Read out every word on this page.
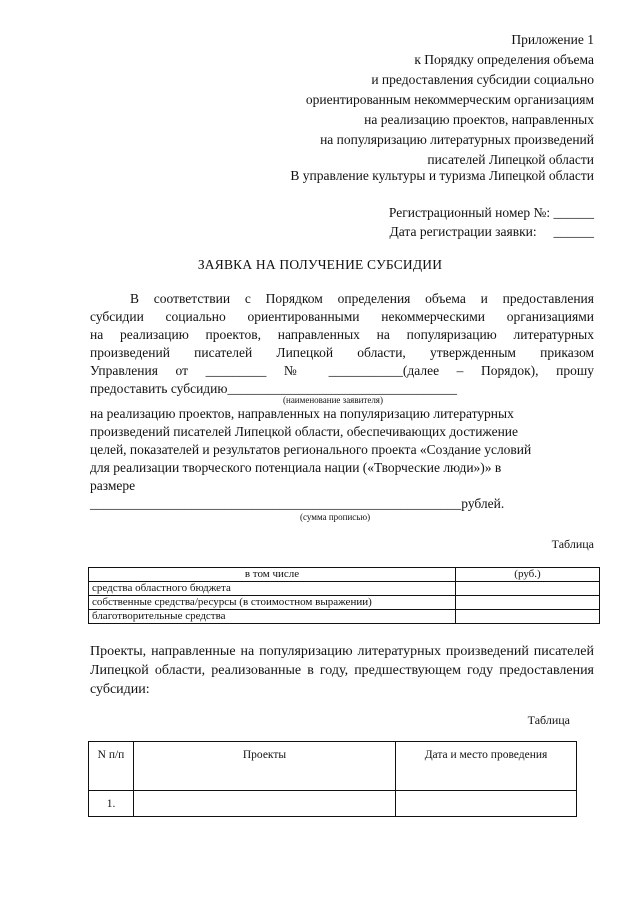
Приложение 1
к Порядку определения объема
и предоставления субсидии социально
ориентированным некоммерческим организациям
на реализацию проектов, направленных
на популяризацию литературных произведений
писателей Липецкой области
В управление культуры и туризма Липецкой области
Регистрационный номер №: ______
Дата регистрации заявки:     ______
ЗАЯВКА НА ПОЛУЧЕНИЕ СУБСИДИИ
В соответствии с Порядком определения объема и предоставления
субсидии социально ориентированными некоммерческими организациями
на реализацию проектов, направленных на популяризацию литературных
произведений писателей Липецкой области, утвержденным приказом
Управления от _________ № ___________(далее – Порядок), прошу
предоставить субсидию__________________________________
(наименование заявителя)
на реализацию проектов, направленных на популяризацию литературных
произведений писателей Липецкой области, обеспечивающих достижение
целей, показателей и результатов регионального проекта «Создание условий
для реализации творческого потенциала нации («Творческие люди»)» в
размере
_______________________________________________________рублей.
(сумма прописью)
Таблица
в том числе	(руб.)
средства областного бюджета	
собственные средства/ресурсы (в стоимостном выражении)	
благотворительные средства	
Проекты, направленные на популяризацию литературных произведений писателей Липецкой области, реализованные в году, предшествующем году предоставления субсидии:
Таблица
N п/п	Проекты	Дата и место проведения
1.		
